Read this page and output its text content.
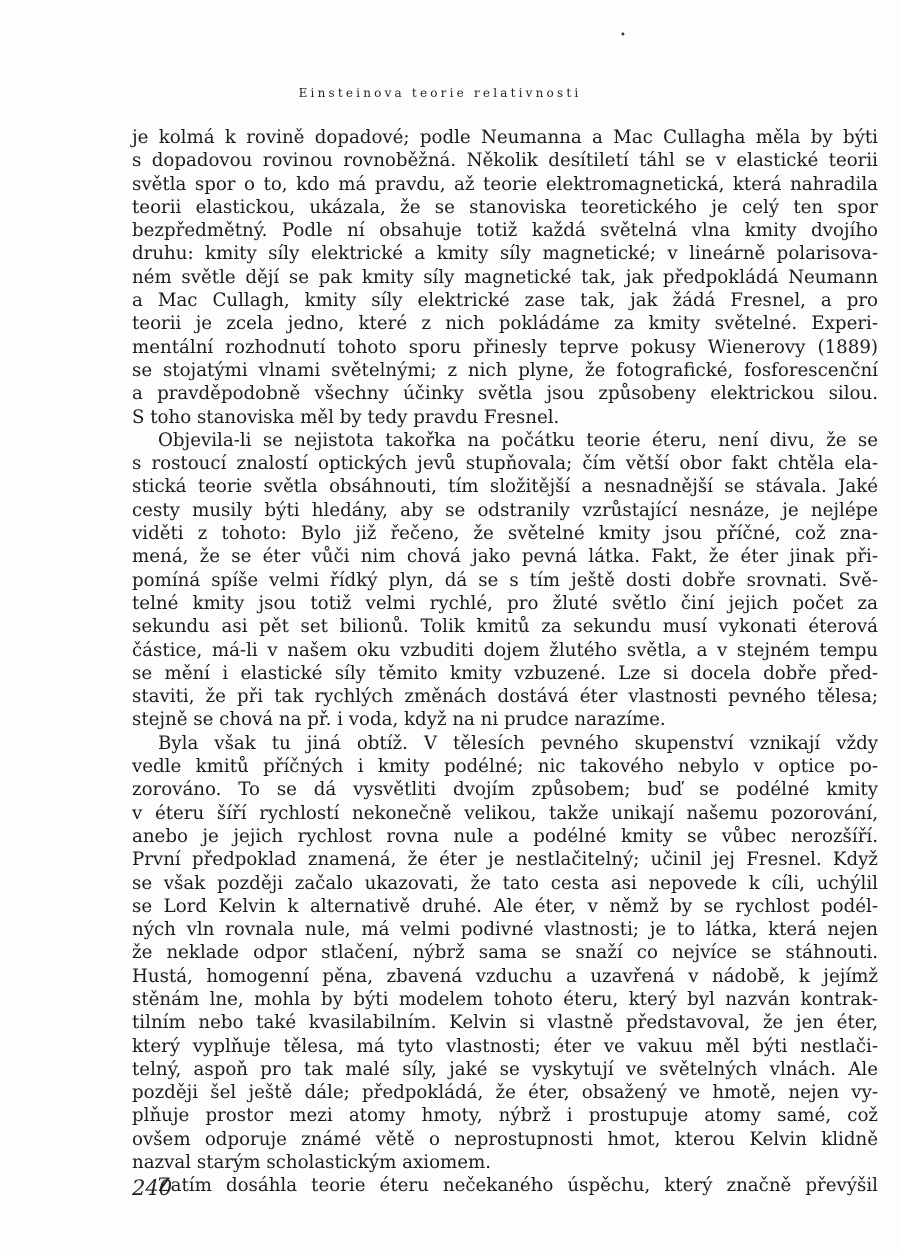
•
Einsteinova teorie relativnosti
je kolmá k rovině dopadové; podle Neumanna a Mac Cullagha měla by býti
s dopadovou rovinou rovnoběžná. Několik desítiletí táhl se v elastické teorii
světla spor o to, kdo má pravdu, až teorie elektromagnetická, která nahradila
teorii elastickou, ukázala, že se stanoviska teoretického je celý ten spor
bezpředmětný. Podle ní obsahuje totiž každá světelná vlna kmity dvojího
druhu: kmity síly elektrické a kmity síly magnetické; v lineárně polarisova-
ném světle dějí se pak kmity síly magnetické tak, jak předpokládá Neumann
a Mac Cullagh, kmity síly elektrické zase tak, jak žádá Fresnel, a pro
teorii je zcela jedno, které z nich pokládáme za kmity světelné. Experi-
mentální rozhodnutí tohoto sporu přinesly teprve pokusy Wienerovy (1889)
se stojatými vlnami světelnými; z nich plyne, že fotografické, fosforescenční
a pravděpodobně všechny účinky světla jsou způsobeny elektrickou silou.
S toho stanoviska měl by tedy pravdu Fresnel.
Objevila-li se nejistota takořka na počátku teorie éteru, není divu, že se
s rostoucí znalostí optických jevů stupňovala; čím větší obor fakt chtěla ela-
stická teorie světla obsáhnouti, tím složitější a nesnadnější se stávala. Jaké
cesty musily býti hledány, aby se odstranily vzrůstající nesnáze, je nejlépe
viděti z tohoto: Bylo již řečeno, že světelné kmity jsou příčné, což zna-
mená, že se éter vůči nim chová jako pevná látka. Fakt, že éter jinak při-
pomíná spíše velmi řídký plyn, dá se s tím ještě dosti dobře srovnati. Svě-
telné kmity jsou totiž velmi rychlé, pro žluté světlo činí jejich počet za
sekundu asi pět set bilionů. Tolik kmitů za sekundu musí vykonati éterová
částice, má-li v našem oku vzbuditi dojem žlutého světla, a v stejném tempu
se mění i elastické síly těmito kmity vzbuzené. Lze si docela dobře před-
staviti, že při tak rychlých změnách dostává éter vlastnosti pevného tělesa;
stejně se chová na př. i voda, když na ni prudce narazíme.
Byla však tu jiná obtíž. V tělesích pevného skupenství vznikají vždy
vedle kmitů příčných i kmity podélné; nic takového nebylo v optice po-
zorováno. To se dá vysvětliti dvojím způsobem; buď se podélné kmity
v éteru šíří rychlostí nekonečně velikou, takže unikají našemu pozorování,
anebo je jejich rychlost rovna nule a podélné kmity se vůbec nerozšíří.
První předpoklad znamená, že éter je nestlačitelný; učinil jej Fresnel. Když
se však později začalo ukazovati, že tato cesta asi nepovede k cíli, uchýlil
se Lord Kelvin k alternativě druhé. Ale éter, v němž by se rychlost podél-
ných vln rovnala nule, má velmi podivné vlastnosti; je to látka, která nejen
že neklade odpor stlačení, nýbrž sama se snaží co nejvíce se stáhnouti.
Hustá, homogenní pěna, zbavená vzduchu a uzavřená v nádobě, k jejímž
stěnám lne, mohla by býti modelem tohoto éteru, který byl nazván kontrak-
tilním nebo také kvasilabilním. Kelvin si vlastně představoval, že jen éter,
který vyplňuje tělesa, má tyto vlastnosti; éter ve vakuu měl býti nestlači-
telný, aspoň pro tak malé síly, jaké se vyskytují ve světelných vlnách. Ale
později šel ještě dále; předpokládá, že éter, obsažený ve hmotě, nejen vy-
plňuje prostor mezi atomy hmoty, nýbrž i prostupuje atomy samé, což
ovšem odporuje známé větě o neprostupnosti hmot, kterou Kelvin klidně
nazval starým scholastickým axiomem.
Zatím dosáhla teorie éteru nečekaného úspěchu, který značně převýšil
240
